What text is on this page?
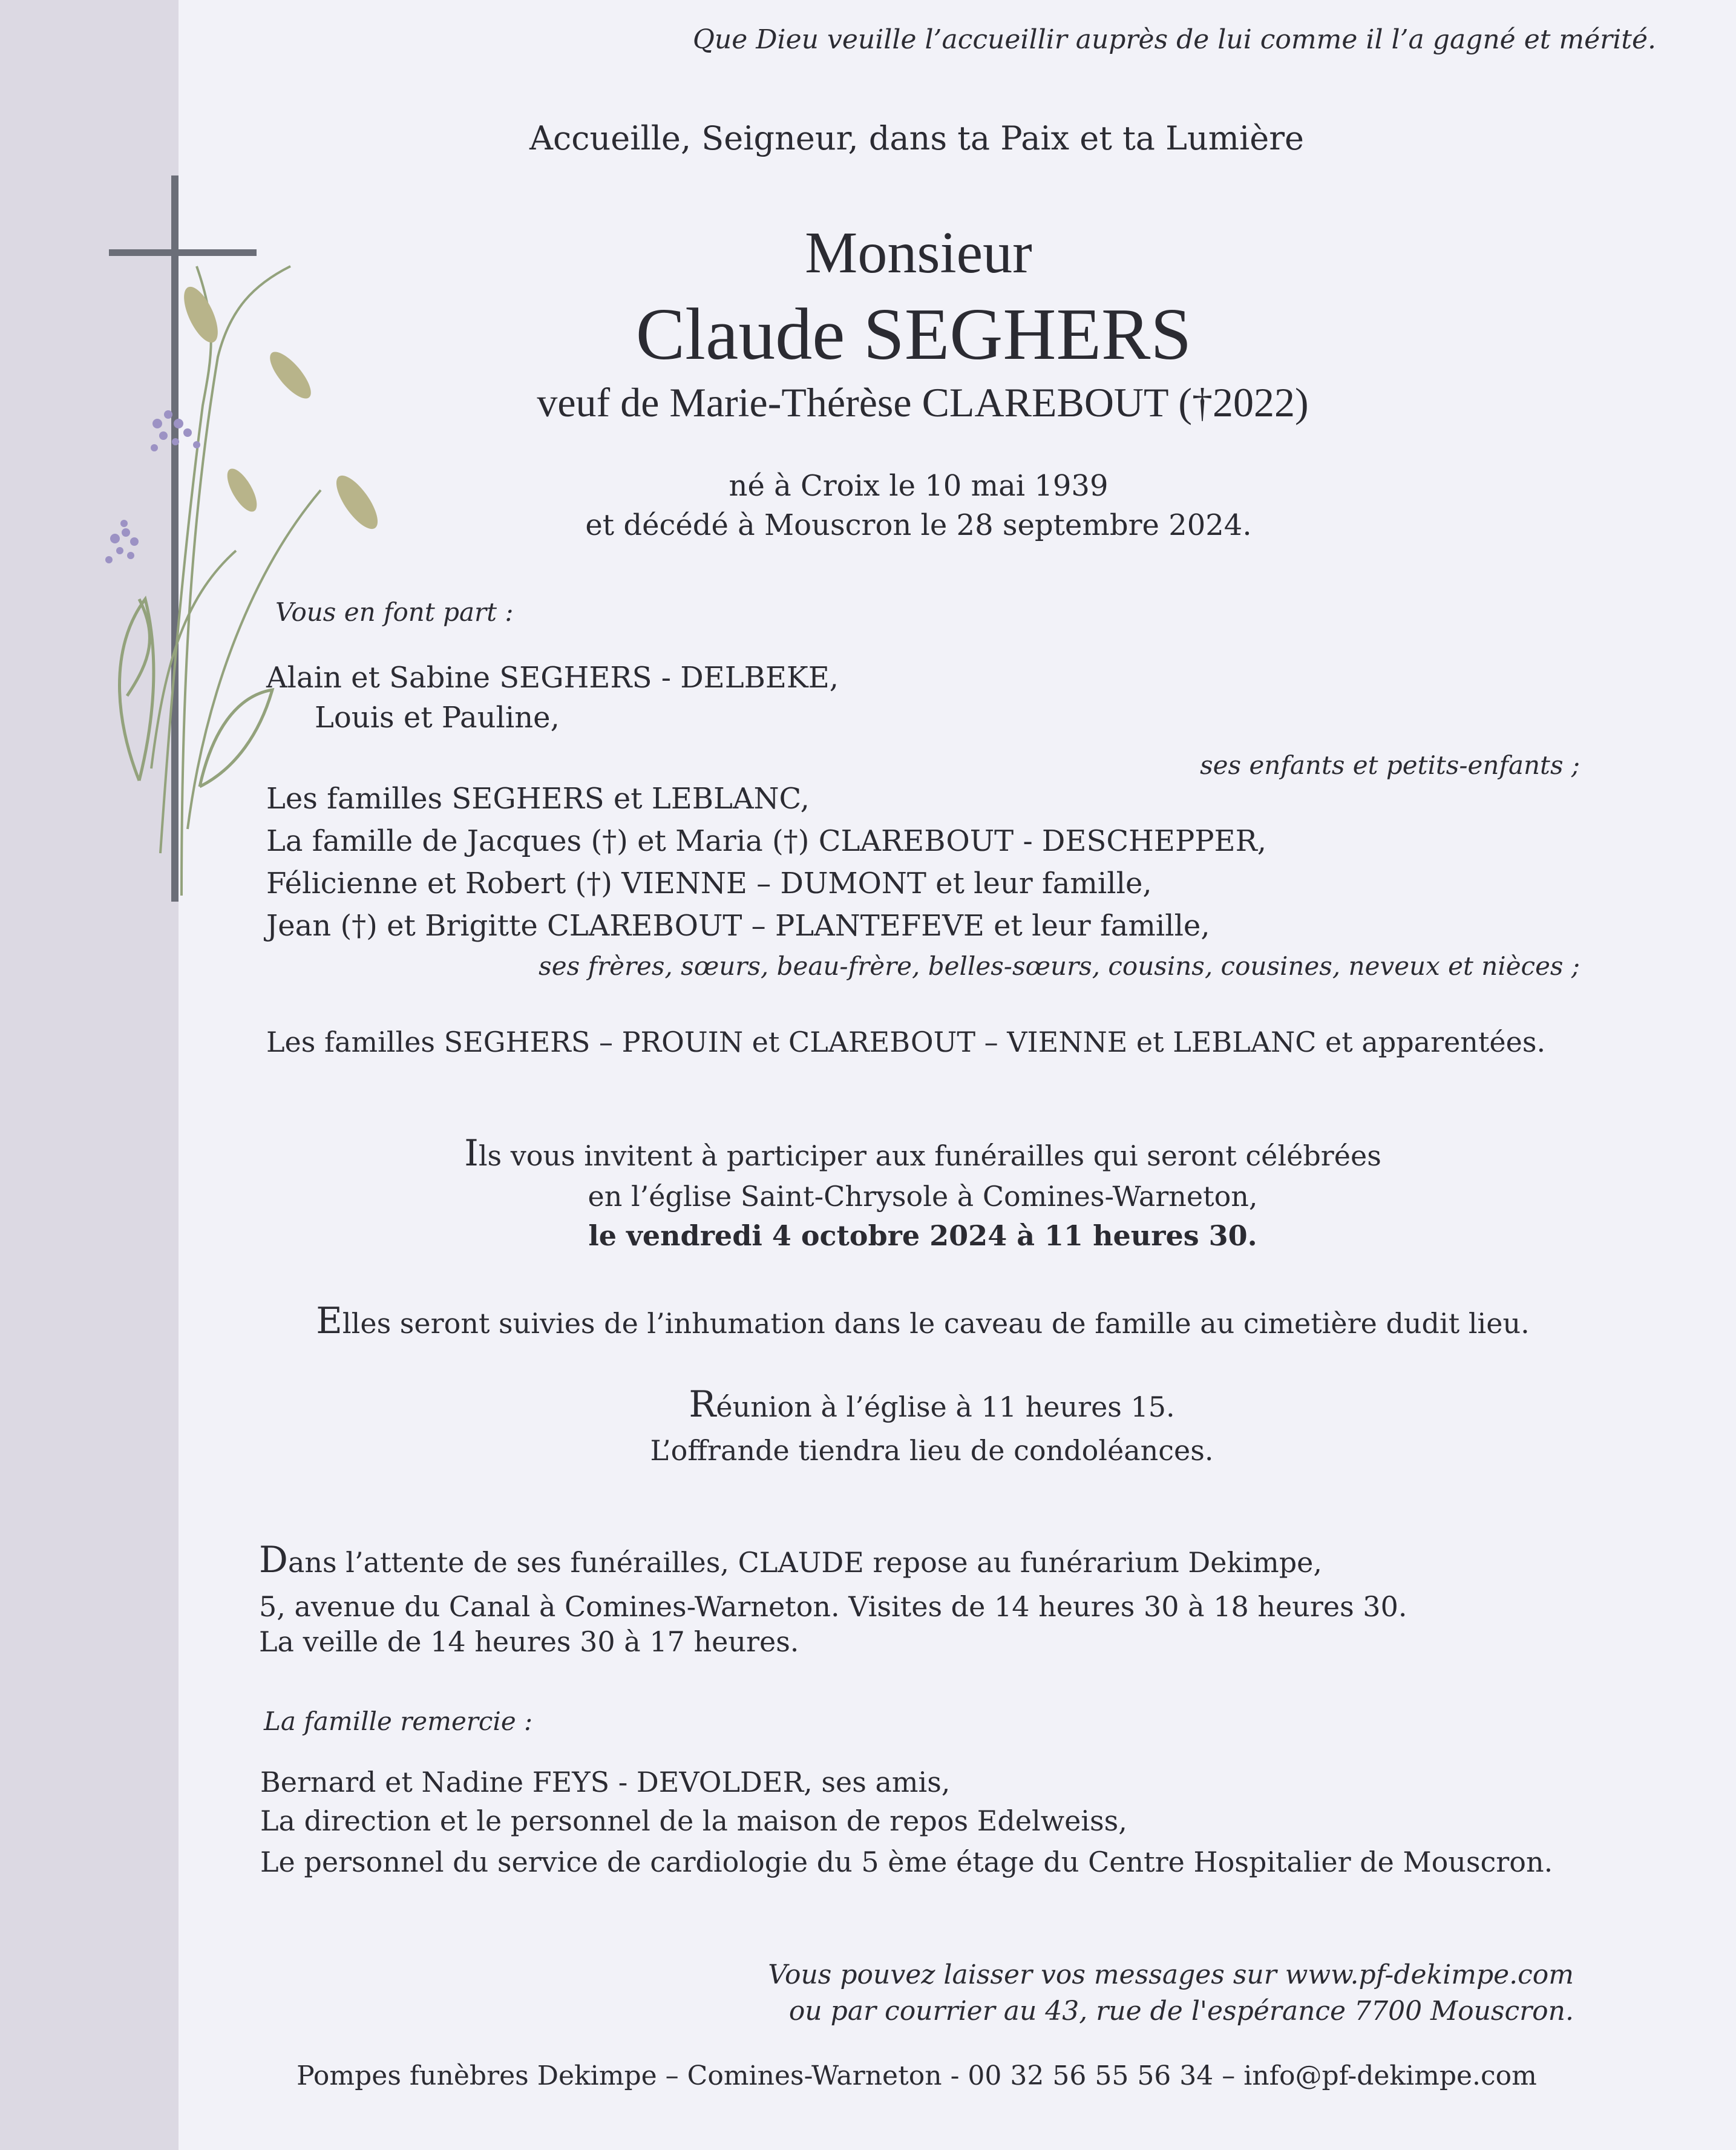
Que Dieu veuille l’accueillir auprès de lui comme il l’a gagné et mérité.
Accueille, Seigneur, dans ta Paix et ta Lumière
Monsieur
Claude SEGHERS
veuf de Marie-Thérèse CLAREBOUT (†2022)
né à Croix le 10 mai 1939
et décédé à Mouscron le 28 septembre 2024.
Vous en font part :
Alain et Sabine SEGHERS - DELBEKE,
Louis et Pauline,
ses enfants et petits-enfants ;
Les familles SEGHERS et LEBLANC,
La famille de Jacques (†) et Maria (†) CLAREBOUT - DESCHEPPER,
Félicienne et Robert (†) VIENNE – DUMONT et leur famille,
Jean (†) et Brigitte CLAREBOUT – PLANTEFEVE et leur famille,
ses frères, sœurs, beau-frère, belles-sœurs, cousins, cousines, neveux et nièces ;
Les familles SEGHERS – PROUIN et CLAREBOUT – VIENNE et LEBLANC et apparentées.
Ils vous invitent à participer aux funérailles qui seront célébrées
en l’église Saint-Chrysole à Comines-Warneton,
le vendredi 4 octobre 2024 à 11 heures 30.
Elles seront suivies de l’inhumation dans le caveau de famille au cimetière dudit lieu.
Réunion à l’église à 11 heures 15.
L’offrande tiendra lieu de condoléances.
Dans l’attente de ses funérailles, CLAUDE repose au funérarium Dekimpe,
5, avenue du Canal à Comines-Warneton. Visites de 14 heures 30 à 18 heures 30.
La veille de 14 heures 30 à 17 heures.
La famille remercie :
Bernard et Nadine FEYS - DEVOLDER, ses amis,
La direction et le personnel de la maison de repos Edelweiss,
Le personnel du service de cardiologie du 5 ème étage du Centre Hospitalier de Mouscron.
Vous pouvez laisser vos messages sur www.pf-dekimpe.com
ou par courrier au 43, rue de l'espérance 7700 Mouscron.
Pompes funèbres Dekimpe – Comines-Warneton - 00 32 56 55 56 34 – info@pf-dekimpe.com
